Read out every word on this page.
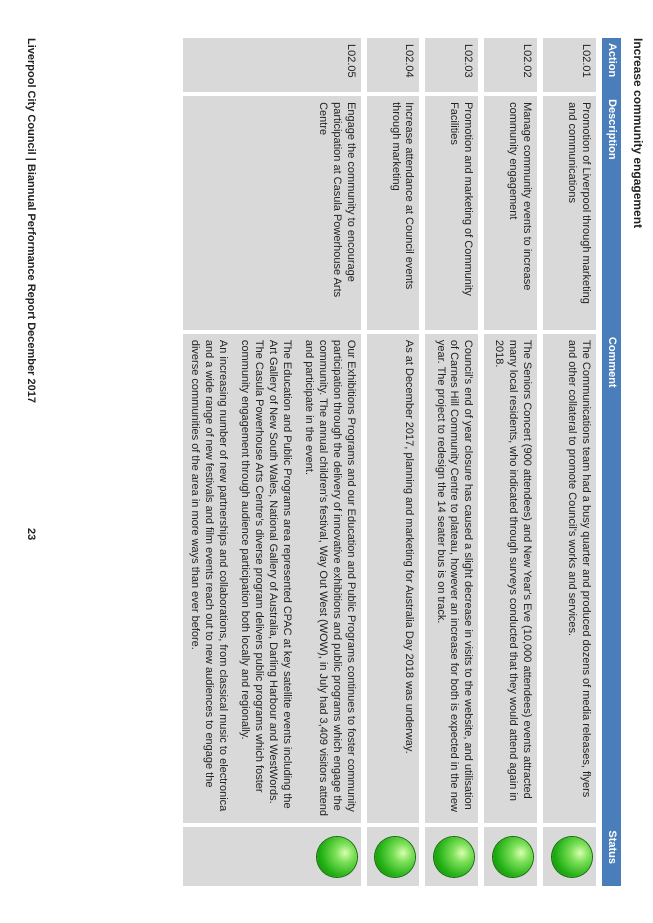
Increase community engagement
Action	Description	Comment	Status
L02.01	Promotion of Liverpool through marketing and communications	The Communications team had a busy quarter and produced dozens of media releases, flyers and other collateral to promote Council's works and services.	

L02.02	Manage community events to increase community engagement	The Seniors Concert (900 attendees) and New Year's Eve (10,000 attendees) events attracted many local residents, who indicated through surveys conducted that they would attend again in 2018.	

L02.03	Promotion and marketing of Community Facilities	Council's end of year closure has caused a slight decrease in visits to the website, and utilisation of Carnes Hill Community Centre to plateau, however an increase for both is expected in the new year. The project to redesign the 14 seater bus is on track.	

L02.04	Increase attendance at Council events through marketing	As at December 2017, planning and marketing for Australia Day 2018 was underway.	

L02.05	Engage the community to encourage participation at Casula Powerhouse Arts Centre	Our Exhibitions Programs and our Education and Public Programs continues to foster community participation through the delivery of innovative exhibitions and public programs which engage the community. The annual children's festival, Way Out West (WOW), in July had 3,409 visitors attend and participate in the event.

The Education and Public Programs area represented CPAC at key satellite events including the Art Gallery of New South Wales, National Gallery of Australia, Darling Harbour and WestWords. The Casula Powerhouse Arts Centre's diverse program delivers public programs which foster community engagement through audience participation both locally and regionally.

An increasing number of new partnerships and collaborations, from classical music to electronica and a wide range of new festivals and film events reach out to new audiences to engage the diverse communities of the area in more ways than ever before.	

Liverpool City Council | Biannual Performance Report December 2017
23
